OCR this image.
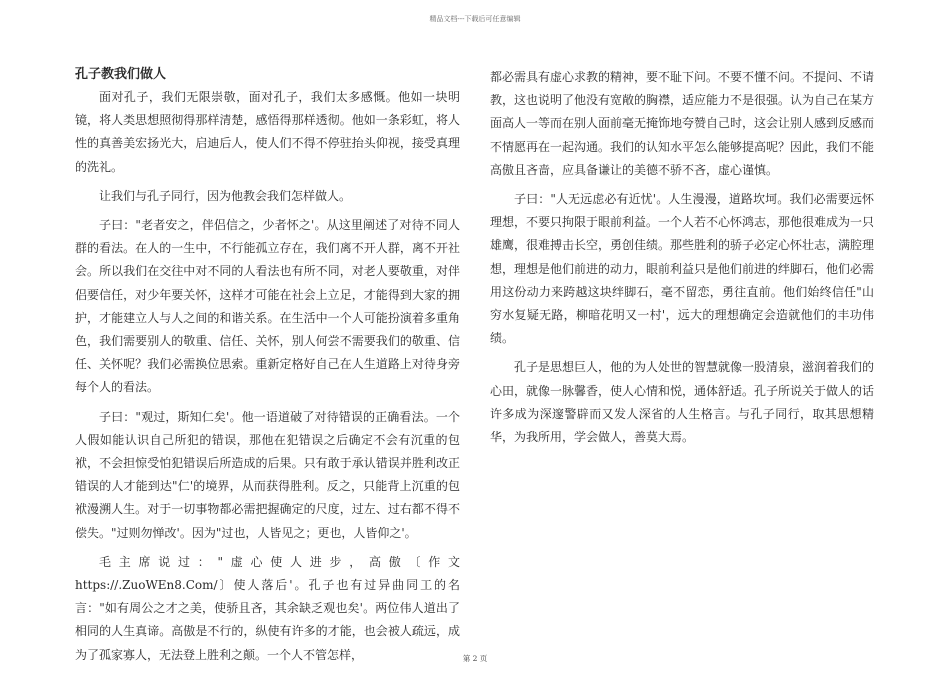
精品文档---下载后可任意编辑
孔子教我们做人

面对孔子，我们无限崇敬，面对孔子，我们太多感慨。他如一块明镜，将人类思想照彻得那样清楚，感悟得那样透彻。他如一条彩虹，将人性的真善美宏扬光大，启迪后人，使人们不得不停驻抬头仰视，接受真理的洗礼。

让我们与孔子同行，因为他教会我们怎样做人。

子曰："老者安之，伴侣信之，少者怀之'。从这里阐述了对待不同人群的看法。在人的一生中，不行能孤立存在，我们离不开人群，离不开社会。所以我们在交往中对不同的人看法也有所不同，对老人要敬重，对伴侣要信任，对少年要关怀，这样才可能在社会上立足，才能得到大家的拥护，才能建立人与人之间的和谐关系。在生活中一个人可能扮演着多重角色，我们需要别人的敬重、信任、关怀，别人何尝不需要我们的敬重、信任、关怀呢？我们必需换位思索。重新定格好自己在人生道路上对待身旁每个人的看法。

子曰："观过，斯知仁矣'。他一语道破了对待错误的正确看法。一个人假如能认识自己所犯的错误，那他在犯错误之后确定不会有沉重的包袱，不会担惊受怕犯错误后所造成的后果。只有敢于承认错误并胜利改正错误的人才能到达"仁'的境界，从而获得胜利。反之，只能背上沉重的包袱漫溯人生。对于一切事物都必需把握确定的尺度，过左、过右都不得不偿失。"过则勿惮改'。因为"过也，人皆见之；更也，人皆仰之'。

毛主席说过："虚心使人进步，高傲〔作文https://.ZuoWEn8.Com/〕使人落后'。孔子也有过异曲同工的名言："如有周公之才之美，使骄且吝，其余缺乏观也矣'。两位伟人道出了相同的人生真谛。高傲是不行的，纵使有许多的才能，也会被人疏远，成为了孤家寡人，无法登上胜利之颠。一个人不管怎样，

都必需具有虚心求教的精神，要不耻下问。不要不懂不问。不提问、不请教，这也说明了他没有宽敞的胸襟，适应能力不是很强。认为自己在某方面高人一等而在别人面前毫无掩饰地夸赞自己时，这会让别人感到反感而不情愿再在一起沟通。我们的认知水平怎么能够提高呢？因此，我们不能高傲且吝啬，应具备谦让的美德不骄不吝，虚心谨慎。

子曰："人无远虑必有近忧'。人生漫漫，道路坎坷。我们必需要远怀理想，不要只拘限于眼前利益。一个人若不心怀鸿志，那他很难成为一只雄鹰，很难搏击长空，勇创佳绩。那些胜利的骄子必定心怀壮志，满腔理想，理想是他们前进的动力，眼前利益只是他们前进的绊脚石，他们必需用这份动力来跨越这块绊脚石，毫不留恋，勇往直前。他们始终信任"山穷水复疑无路，柳暗花明又一村'，远大的理想确定会造就他们的丰功伟绩。

孔子是思想巨人，他的为人处世的智慧就像一股清泉，滋润着我们的心田，就像一脉馨香，使人心情和悦，通体舒适。孔子所说关于做人的话许多成为深邃警辟而又发人深省的人生格言。与孔子同行，取其思想精华，为我所用，学会做人，善莫大焉。

第 2 页
